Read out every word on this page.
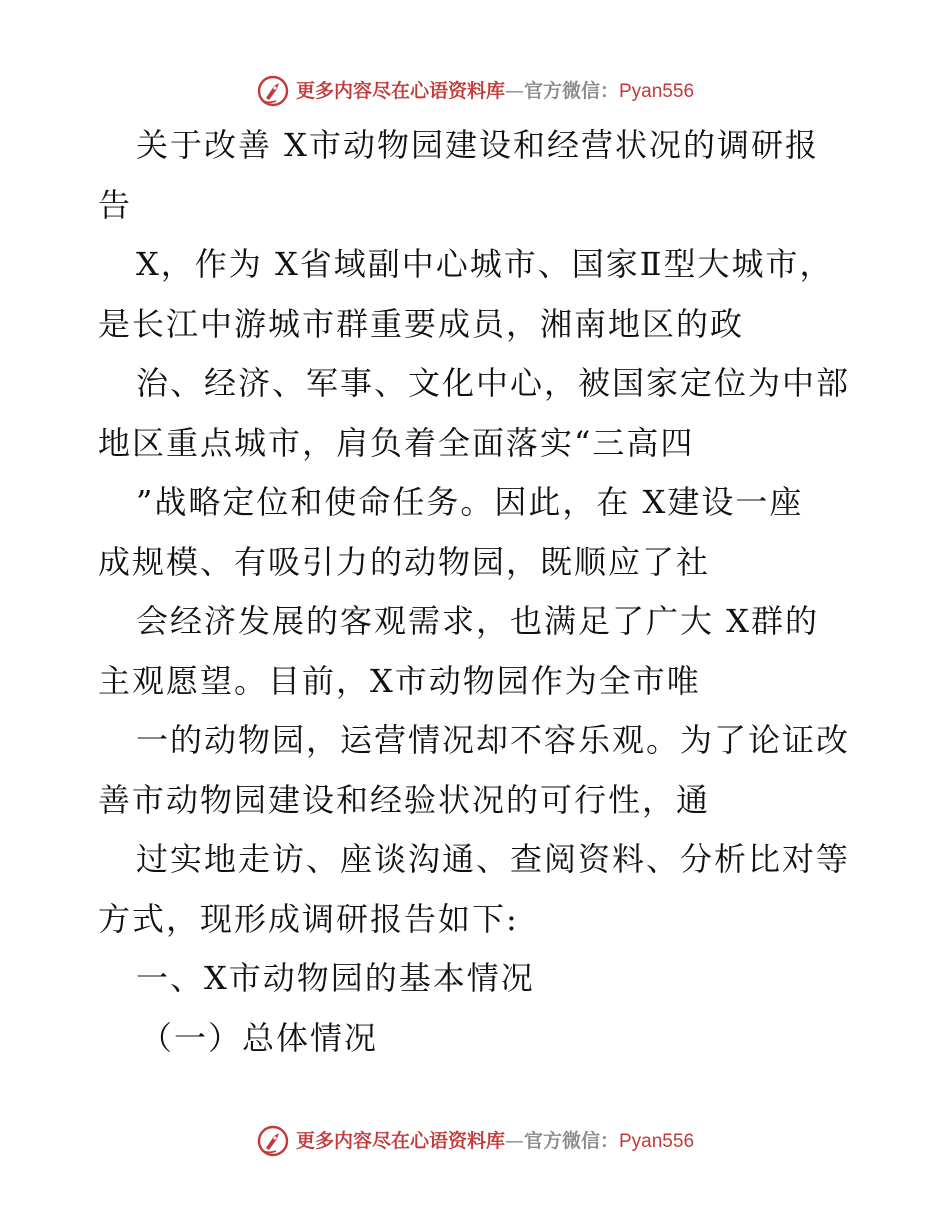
更多内容尽在心语资料库 — 官方微信： Pyan556
关于改善 X市动物园建设和经营状况的调研报
告
X，作为 X省域副中心城市、国家Ⅱ型大城市，
是长江中游城市群重要成员，湘南地区的政
治、经济、军事、文化中心，被国家定位为中部
地区重点城市，肩负着全面落实“三高四
”战略定位和使命任务。因此，在 X建设一座
成规模、有吸引力的动物园，既顺应了社
会经济发展的客观需求，也满足了广大 X群的
主观愿望。目前，X市动物园作为全市唯
一的动物园，运营情况却不容乐观。为了论证改
善市动物园建设和经验状况的可行性，通
过实地走访、座谈沟通、查阅资料、分析比对等
方式，现形成调研报告如下:
一、X市动物园的基本情况
（一）总体情况
更多内容尽在心语资料库 — 官方微信： Pyan556
